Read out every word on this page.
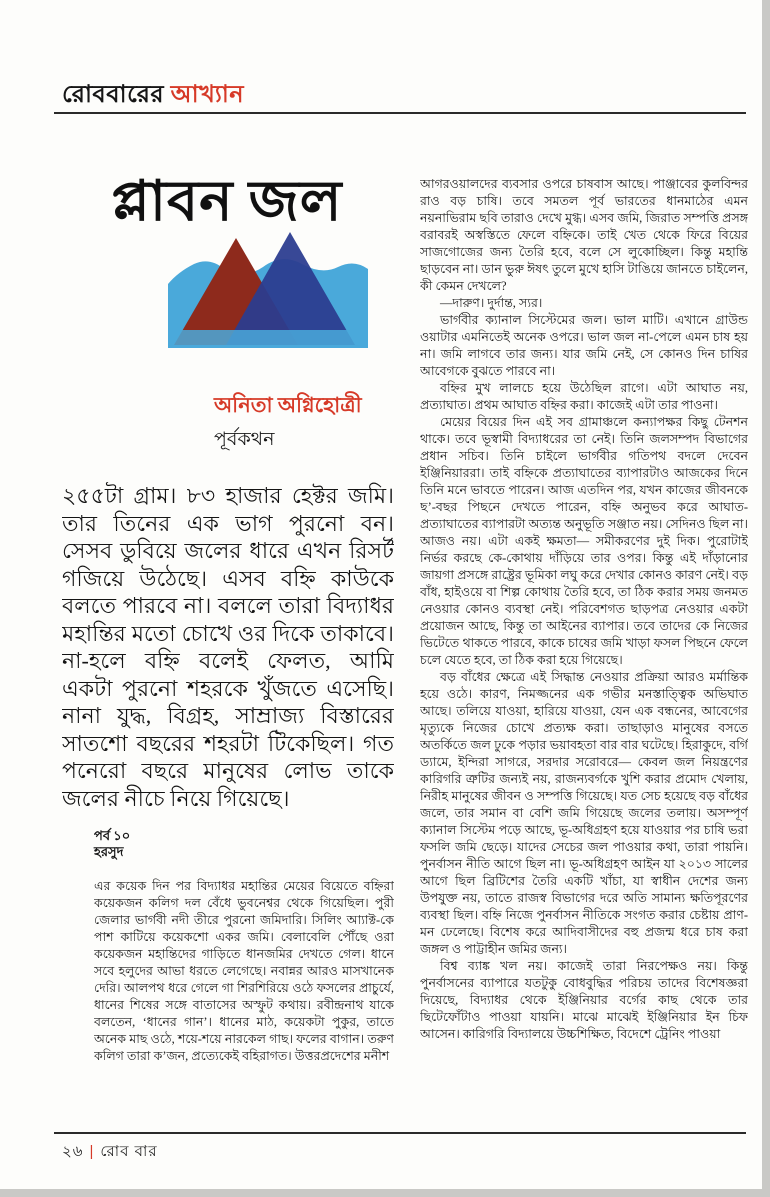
রোববারের আখ্যান
প্লাবন জল
অনিতা অগ্নিহোত্রী
পূর্বকথন
২৫৫টা গ্রাম। ৮৩ হাজার হেক্টর জমি। তার তিনের এক ভাগ পুরনো বন। সেসব ডুবিয়ে জলের ধারে এখন রিসর্ট গজিয়ে উঠেছে। এসব বহ্নি কাউকে বলতে পারবে না। বললে তারা বিদ্যাধর মহান্তির মতো চোখে ওর দিকে তাকাবে। না-হলে বহ্নি বলেই ফেলত, আমি একটা পুরনো শহরকে খুঁজতে এসেছি। নানা যুদ্ধ, বিগ্রহ, সাম্রাজ্য বিস্তারের সাতশো বছরের শহরটা টিকেছিল। গত পনেরো বছরে মানুষের লোভ তাকে জলের নীচে নিয়ে গিয়েছে।
পর্ব ১০
হরসুদ

এর কয়েক দিন পর বিদ্যাধর মহান্তির মেয়ের বিয়েতে বহ্নিরা কয়েকজন কলিগ দল বেঁধে ভুবনেশ্বর থেকে গিয়েছিল। পুরী জেলার ভার্গবী নদী তীরে পুরনো জমিদারি। সিলিং আ্যাক্ট-কে পাশ কাটিয়ে কয়েকশো একর জমি। বেলাবেলি পৌঁছে ওরা কয়েকজন মহান্তিদের গাড়িতে ধানজমির দেখতে গেল। ধানে সবে হলুদের আভা ধরতে লেগেছে। নবান্নর আরও মাসখানেক দেরি। আলপথ ধরে গেলে গা শিরশিরিয়ে ওঠে ফসলের প্রাচুর্যে, ধানের শিষের সঙ্গে বাতাসের অস্ফুট কথায়। রবীন্দ্রনাথ যাকে বলতেন, ‘ধানের গান’। ধানের মাঠ, কয়েকটা পুকুর, তাতে অনেক মাছ ওঠে, শয়ে-শয়ে নারকেল গাছ। ফলের বাগান। তরুণ কলিগ তারা ক’জন, প্রত্যেকেই বহিরাগত। উত্তরপ্রদেশের মনীশ

আগরওয়ালদের ব্যবসার ওপরে চাষবাস আছে। পাঞ্জাবের কুলবিন্দর রাও বড় চাষি। তবে সমতল পূর্ব ভারতের ধানমাঠের এমন নয়নাভিরাম ছবি তারাও দেখে মুগ্ধ। এসব জমি, জিরাত সম্পত্তি প্রসঙ্গ বরাবরই অস্বস্তিতে ফেলে বহ্নিকে। তাই খেত থেকে ফিরে বিয়ের সাজগোজের জন্য তৈরি হবে, বলে সে লুকোচ্ছিল। কিন্তু মহান্তি ছাড়বেন না। ডান ভুরু ঈষৎ তুলে মুখে হাসি টাঙিয়ে জানতে চাইলেন, কী কেমন দেখলে?

—দারুণ। দুর্দান্ত, স্যর।

ভার্গবীর ক্যানাল সিস্টেমের জল। ভাল মাটি। এখানে গ্রাউন্ড ওয়াটার এমনিতেই অনেক ওপরে। ভাল জল না-পেলে এমন চাষ হয় না। জমি লাগবে তার জন্য। যার জমি নেই, সে কোনও দিন চাষির আবেগকে বুঝতে পারবে না।

বহ্নির মুখ লালচে হয়ে উঠেছিল রাগে। এটা আঘাত নয়, প্রত্যাঘাত। প্রথম আঘাত বহ্নির করা। কাজেই এটা তার পাওনা।

মেয়ের বিয়ের দিন এই সব গ্রামাঞ্চলে কন্যাপক্ষর কিছু টেনশন থাকে। তবে ভূস্বামী বিদ্যাধরের তা নেই। তিনি জলসম্পদ বিভাগের প্রধান সচিব। তিনি চাইলে ভার্গবীর গতিপথ বদলে দেবেন ইঞ্জিনিয়াররা। তাই বহ্নিকে প্রত্যাঘাতের ব্যাপারটাও আজকের দিনে তিনি মনে ভাবতে পারেন। আজ এতদিন পর, যখন কাজের জীবনকে ছ’-বছর পিছনে দেখতে পারেন, বহ্নি অনুভব করে আঘাত-প্রত্যাঘাতের ব্যাপারটা অত্যন্ত অনুভূতি সঞ্জাত নয়। সেদিনও ছিল না। আজও নয়। এটা একই ক্ষমতা— সমীকরণের দুই দিক। পুরোটাই নির্ভর করছে কে-কোথায় দাঁড়িয়ে তার ওপর। কিন্তু এই দাঁড়ানোর জায়গা প্রসঙ্গে রাষ্ট্রের ভূমিকা লঘু করে দেখার কোনও কারণ নেই। বড় বাঁধ, হাইওয়ে বা শিল্প কোথায় তৈরি হবে, তা ঠিক করার সময় জনমত নেওয়ার কোনও ব্যবস্থা নেই। পরিবেশগত ছাড়পত্র নেওয়ার একটা প্রয়োজন আছে, কিন্তু তা আইনের ব্যাপার। তবে তাদের কে নিজের ভিটেতে থাকতে পারবে, কাকে চাষের জমি খাড়া ফসল পিছনে ফেলে চলে যেতে হবে, তা ঠিক করা হয়ে গিয়েছে।

বড় বাঁধের ক্ষেত্রে এই সিদ্ধান্ত নেওয়ার প্রক্রিয়া আরও মর্মান্তিক হয়ে ওঠে। কারণ, নিমজ্জনের এক গভীর মনস্তাত্ত্বিক অভিঘাত আছে। তলিয়ে যাওয়া, হারিয়ে যাওয়া, যেন এক বন্ধনের, আবেগের মৃত্যুকে নিজের চোখে প্রত্যক্ষ করা। তাছাড়াও মানুষের বসতে অতর্কিতে জল ঢুকে পড়ার ভয়াবহতা বার বার ঘটেছে। হিরাকুদে, বর্গি ড্যামে, ইন্দিরা সাগরে, সরদার সরোবরে— কেবল জল নিয়ন্ত্রণের কারিগরি ত্রুটির জন্যই নয়, রাজন্যবর্গকে খুশি করার প্রমোদ খেলায়, নিরীহ মানুষের জীবন ও সম্পত্তি গিয়েছে। যত সেচ হয়েছে বড় বাঁধের জলে, তার সমান বা বেশি জমি গিয়েছে জলের তলায়। অসম্পূর্ণ ক্যানাল সিস্টেম পড়ে আছে, ভূ-অধিগ্রহণ হয়ে যাওয়ার পর চাষি ভরা ফসলি জমি ছেড়ে। যাদের সেচের জল পাওয়ার কথা, তারা পায়নি। পুনর্বাসন নীতি আগে ছিল না। ভূ-অধিগ্রহণ আইন যা ২০১৩ সালের আগে ছিল ব্রিটিশের তৈরি একটি খাঁচা, যা স্বাধীন দেশের জন্য উপযুক্ত নয়, তাতে রাজস্ব বিভাগের দরে অতি সামান্য ক্ষতিপূরণের ব্যবস্থা ছিল। বহ্নি নিজে পুনর্বাসন নীতিকে সংগত করার চেষ্টায় প্রাণ-মন ঢেলেছে। বিশেষ করে আদিবাসীদের বহু প্রজন্ম ধরে চাষ করা জঙ্গল ও পাট্টাহীন জমির জন্য।

বিশ্ব ব্যাঙ্ক খল নয়। কাজেই তারা নিরপেক্ষও নয়। কিন্তু পুনর্বাসনের ব্যাপারে যতটুকু বোধবুদ্ধির পরিচয় তাদের বিশেষজ্ঞরা দিয়েছে, বিদ্যাধর থেকে ইঞ্জিনিয়ার বর্গের কাছ থেকে তার ছিটেফোঁটাও পাওয়া যায়নি। মাঝে মাঝেই ইঞ্জিনিয়ার ইন চিফ আসেন। কারিগরি বিদ্যালয়ে উচ্চশিক্ষিত, বিদেশে ট্রেনিং পাওয়া

২৬ | রোব বার
